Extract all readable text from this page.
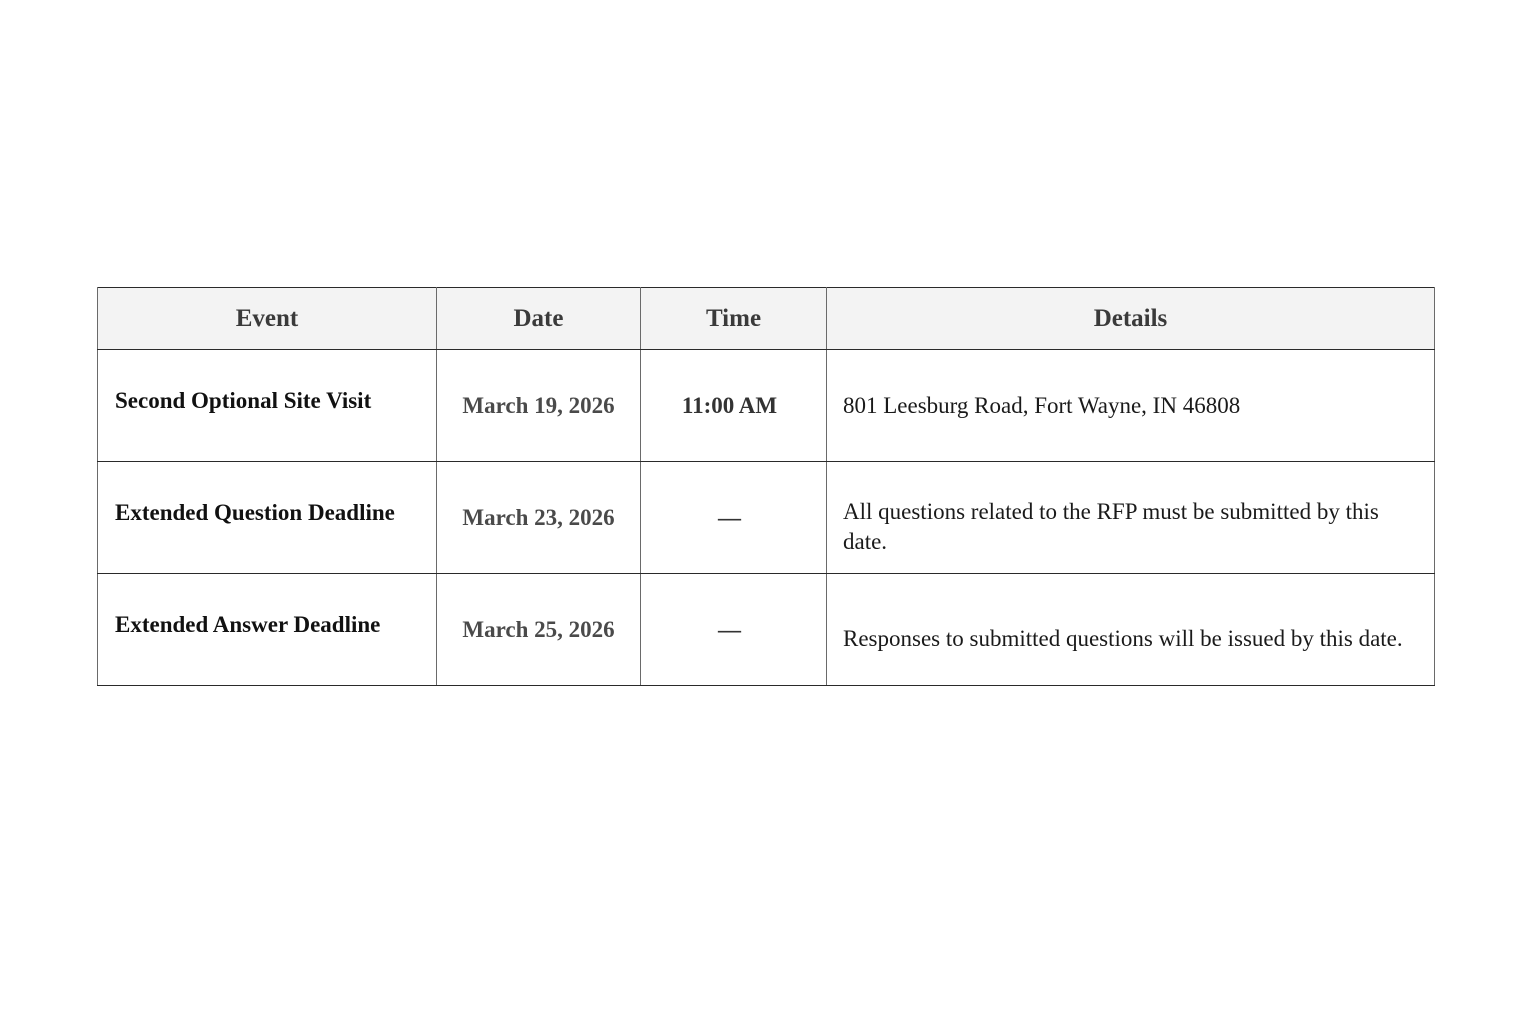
Event	Date	Time	Details
Second Optional Site Visit	March 19, 2026	11:00 AM	801 Leesburg Road, Fort Wayne, IN 46808
Extended Question Deadline	March 23, 2026	—	All questions related to the RFP must be submitted by this date.
Extended Answer Deadline	March 25, 2026	—	Responses to submitted questions will be issued by this date.
